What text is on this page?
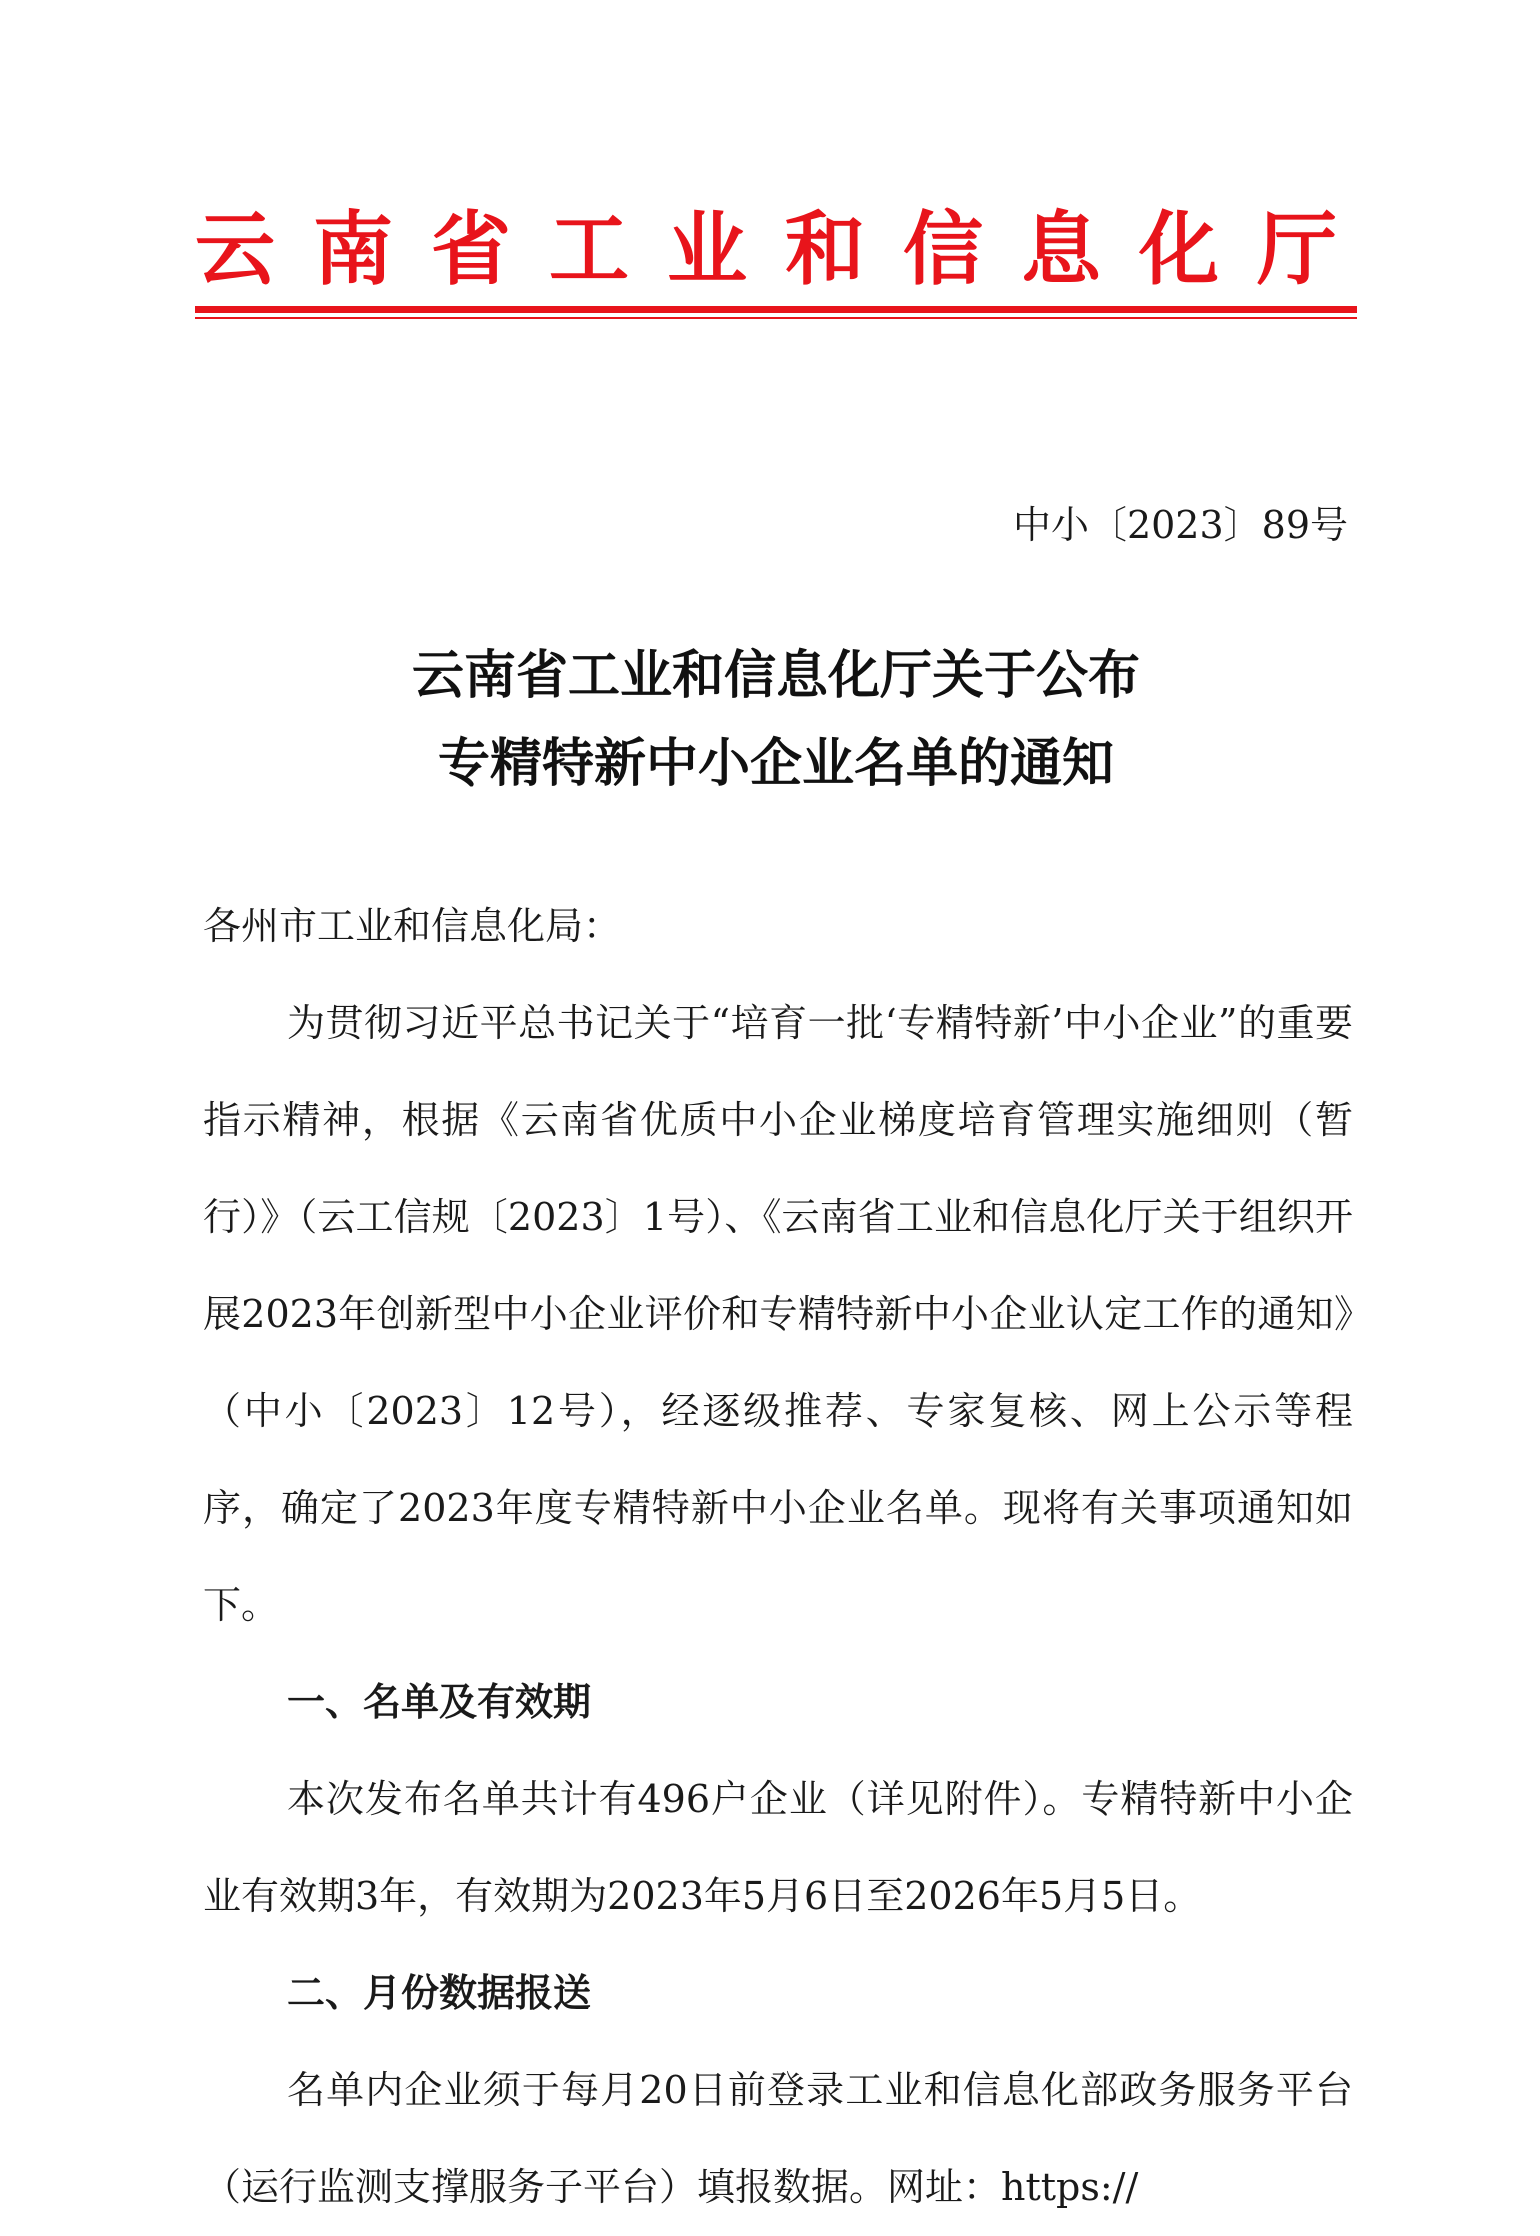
云南省工业和信息化厅
中小〔2023〕89号
云南省工业和信息化厅关于公布
专精特新中小企业名单的通知

各州市工业和信息化局：

为贯彻习近平总书记关于“培育一批‘专精特新’中小企业”的重要指示精神，根据《云南省优质中小企业梯度培育管理实施细则（暂行）》（云工信规〔2023〕1号）、《云南省工业和信息化厅关于组织开展2023年创新型中小企业评价和专精特新中小企业认定工作的通知》（中小〔2023〕12号），经逐级推荐、专家复核、网上公示等程序，确定了2023年度专精特新中小企业名单。现将有关事项通知如下。

一、名单及有效期

本次发布名单共计有496户企业（详见附件）。专精特新中小企业有效期3年，有效期为2023年5月6日至2026年5月5日。

二、月份数据报送

名单内企业须于每月20日前登录工业和信息化部政务服务平台（运行监测支撑服务子平台）填报数据。网址：https://
